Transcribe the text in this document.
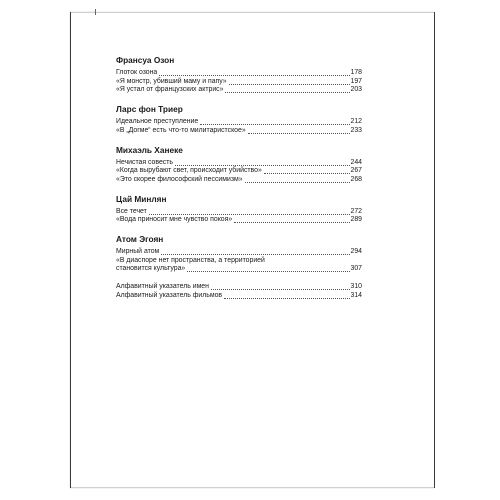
Франсуа Озон
Глоток озона	178
«Я монстр, убивший маму и папу»	197
«Я устал от французских актрис»	203
Ларс фон Триер
Идеальное преступление	212
«В „Догме“ есть что-то милитаристское»	233
Михаэль Ханеке
Нечистая совесть	244
«Когда вырубают свет, происходит убийство»	267
«Это скорее философский пессимизм»	268
Цай Минлян
Все течет	272
«Вода приносит мне чувство покоя»	289
Атом Эгоян
Мирный атом	294
«В диаспоре нет пространства, а территорией
становится культура»	307
Алфавитный указатель имен	310
Алфавитный указатель фильмов	314
